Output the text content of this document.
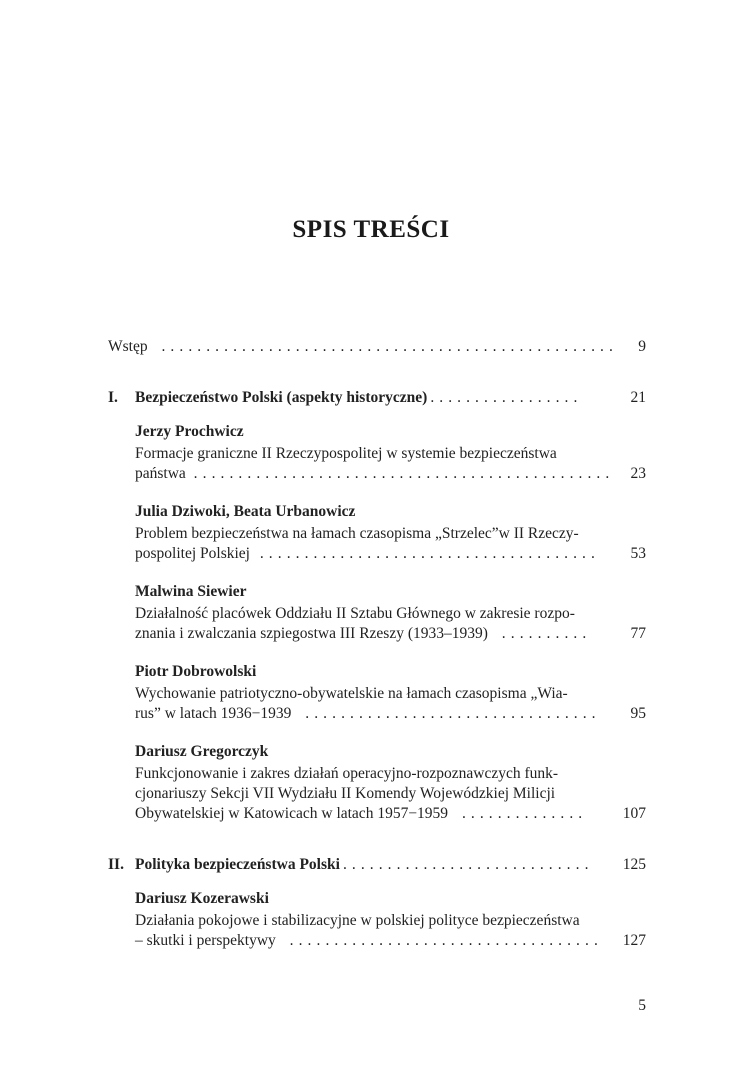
SPIS TREŚCI
Wstęp . . . . . . . . . . . . . . . . . . . . . . . . . . . . . . . . . . . . . . . . . . . . . . . . . . .	9
I. Bezpieczeństwo Polski (aspekty historyczne) . . . . . . . . . . . . . . . . .	21
Jerzy Prochwicz
Formacje graniczne II Rzeczypospolitej w systemie bezpieczeństwa
państwa . . . . . . . . . . . . . . . . . . . . . . . . . . . . . . . . . . . . . . . . . . . . . . .	23
Julia Dziwoki, Beata Urbanowicz
Problem bezpieczeństwa na łamach czasopisma „Strzelec”w II Rzeczy-
pospolitej Polskiej . . . . . . . . . . . . . . . . . . . . . . . . . . . . . . . . . . . . . .	53
Malwina Siewier
Działalność placówek Oddziału II Sztabu Głównego w zakresie rozpo-
znania i zwalczania szpiegostwa III Rzeszy (1933–1939) . . . . . . . . . .	77
Piotr Dobrowolski
Wychowanie patriotyczno-obywatelskie na łamach czasopisma „Wia-
rus” w latach 1936−1939 . . . . . . . . . . . . . . . . . . . . . . . . . . . . . . . . .	95
Dariusz Gregorczyk
Funkcjonowanie i zakres działań operacyjno-rozpoznawczych funk-
cjonariuszy Sekcji VII Wydziału II Komendy Wojewódzkiej Milicji
Obywatelskiej w Katowicach w latach 1957−1959 . . . . . . . . . . . . . .	107
II. Polityka bezpieczeństwa Polski . . . . . . . . . . . . . . . . . . . . . . . . . . . .	125
Dariusz Kozerawski
Działania pokojowe i stabilizacyjne w polskiej polityce bezpieczeństwa
– skutki i perspektywy . . . . . . . . . . . . . . . . . . . . . . . . . . . . . . . . . . .	127
5
